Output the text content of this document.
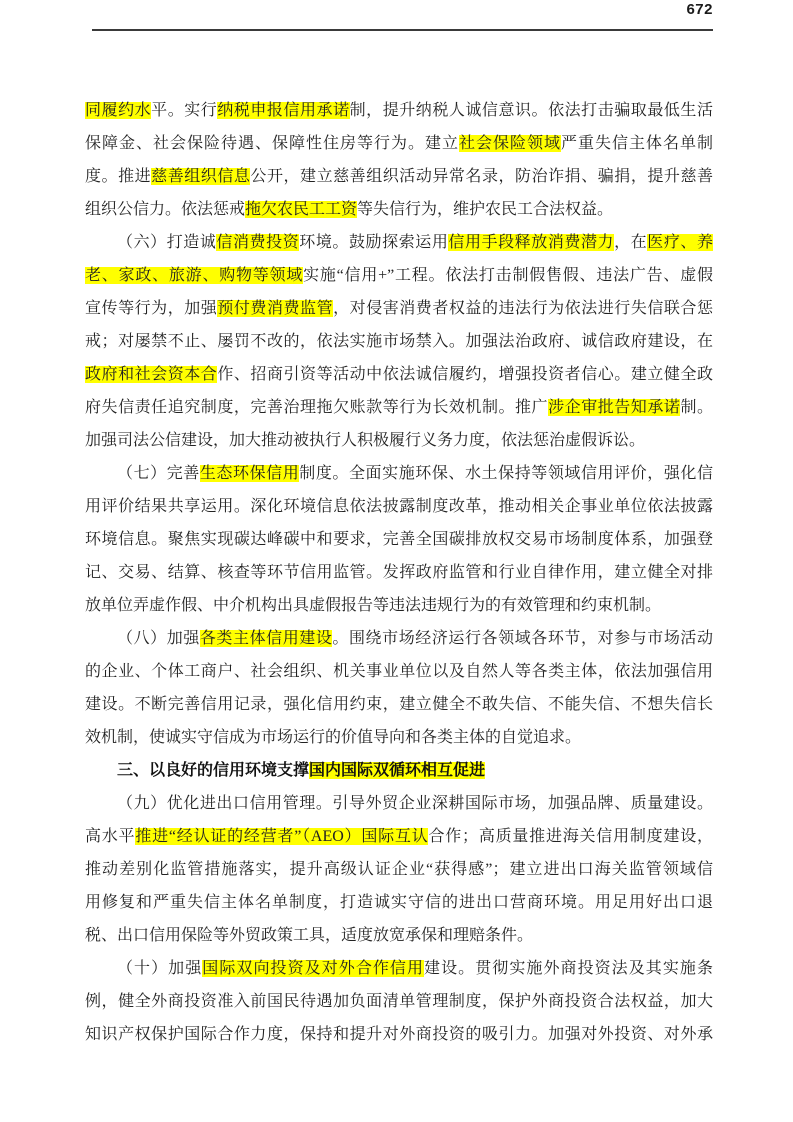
672
同履约水平。实行纳税申报信用承诺制，提升纳税人诚信意识。依法打击骗取最低生活
保障金、社会保险待遇、保障性住房等行为。建立社会保险领域严重失信主体名单制
度。推进慈善组织信息公开，建立慈善组织活动异常名录，防治诈捐、骗捐，提升慈善
组织公信力。依法惩戒拖欠农民工工资等失信行为，维护农民工合法权益。
（六）打造诚信消费投资环境。鼓励探索运用信用手段释放消费潜力，在医疗、养
老、家政、旅游、购物等领域实施“信用+”工程。依法打击制假售假、违法广告、虚假
宣传等行为，加强预付费消费监管，对侵害消费者权益的违法行为依法进行失信联合惩
戒；对屡禁不止、屡罚不改的，依法实施市场禁入。加强法治政府、诚信政府建设，在
政府和社会资本合作、招商引资等活动中依法诚信履约，增强投资者信心。建立健全政
府失信责任追究制度，完善治理拖欠账款等行为长效机制。推广涉企审批告知承诺制。
加强司法公信建设，加大推动被执行人积极履行义务力度，依法惩治虚假诉讼。
（七）完善生态环保信用制度。全面实施环保、水土保持等领域信用评价，强化信
用评价结果共享运用。深化环境信息依法披露制度改革，推动相关企事业单位依法披露
环境信息。聚焦实现碳达峰碳中和要求，完善全国碳排放权交易市场制度体系，加强登
记、交易、结算、核查等环节信用监管。发挥政府监管和行业自律作用，建立健全对排
放单位弄虚作假、中介机构出具虚假报告等违法违规行为的有效管理和约束机制。
（八）加强各类主体信用建设。围绕市场经济运行各领域各环节，对参与市场活动
的企业、个体工商户、社会组织、机关事业单位以及自然人等各类主体，依法加强信用
建设。不断完善信用记录，强化信用约束，建立健全不敢失信、不能失信、不想失信长
效机制，使诚实守信成为市场运行的价值导向和各类主体的自觉追求。
三、以良好的信用环境支撑国内国际双循环相互促进
（九）优化进出口信用管理。引导外贸企业深耕国际市场，加强品牌、质量建设。
高水平推进“经认证的经营者”（AEO）国际互认合作；高质量推进海关信用制度建设，
推动差别化监管措施落实，提升高级认证企业“获得感”；建立进出口海关监管领域信
用修复和严重失信主体名单制度，打造诚实守信的进出口营商环境。用足用好出口退
税、出口信用保险等外贸政策工具，适度放宽承保和理赔条件。
（十）加强国际双向投资及对外合作信用建设。贯彻实施外商投资法及其实施条
例，健全外商投资准入前国民待遇加负面清单管理制度，保护外商投资合法权益，加大
知识产权保护国际合作力度，保持和提升对外商投资的吸引力。加强对外投资、对外承
